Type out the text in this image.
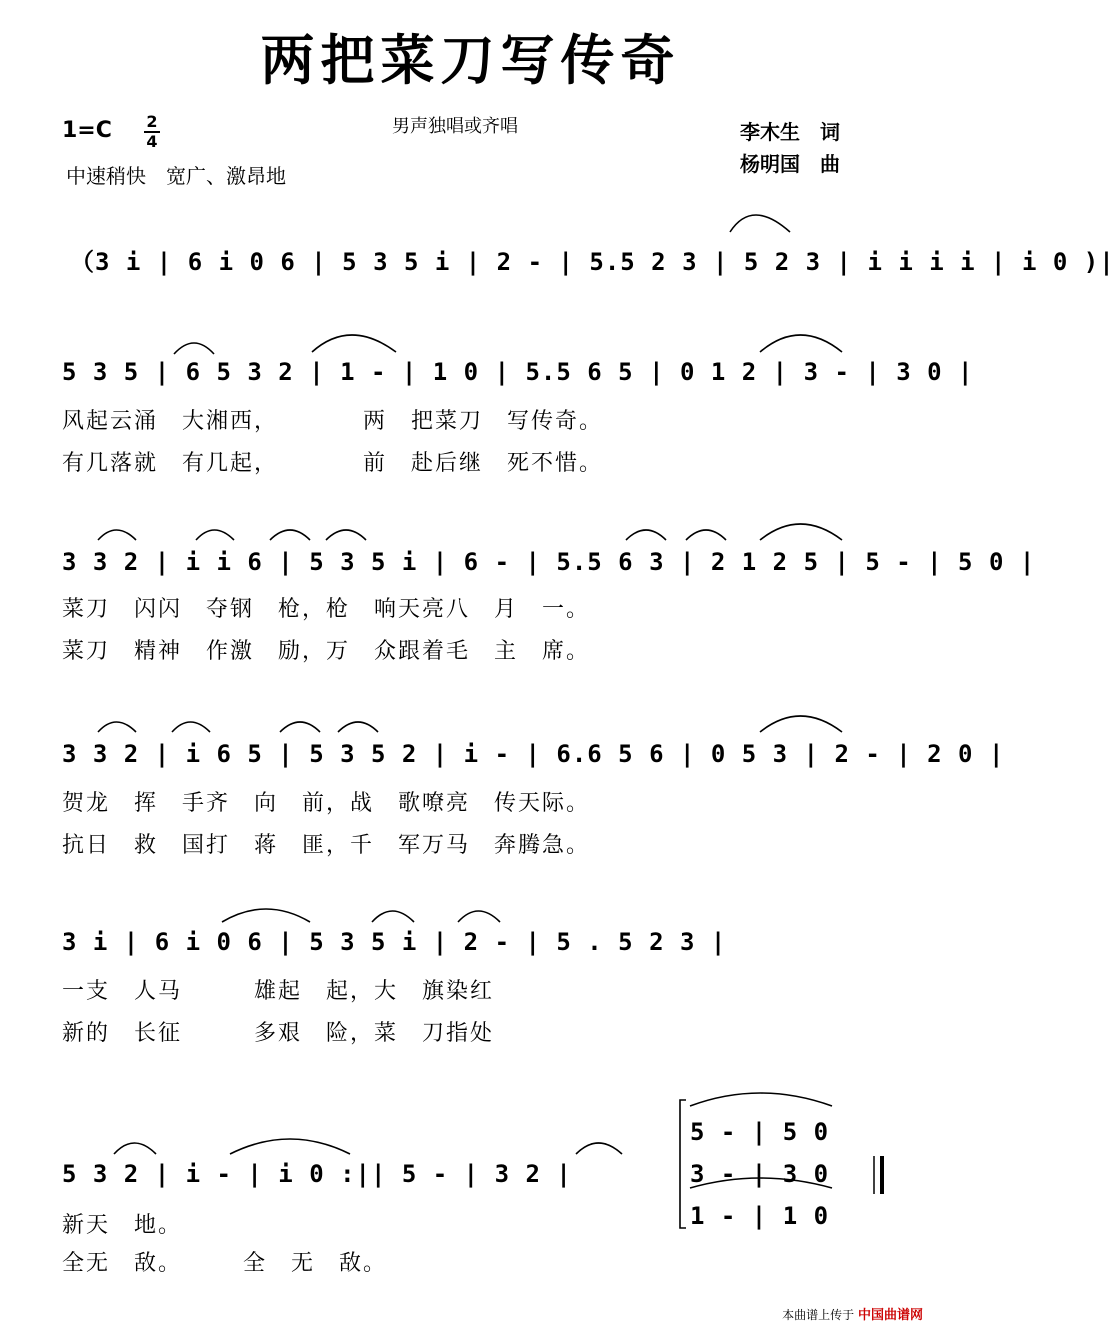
两把菜刀写传奇
男声独唱或齐唱
1=C 2
4
中速稍快　宽广、激昂地
李木生　词
杨明国　曲
（3 i | 6 i 0 6 | 5 3 5 i | 2 - | 5.5 2 3 | 5 2 3 | i i i i | i 0 )|
5 3 5 | 6 5 3 2 | 1 - | 1 0 | 5.5 6 5 | 0 1 2 | 3 - | 3 0 |
风起云涌　大湘西，　　　　两　把菜刀　写传奇。
有几落就　有几起，　　　　前　赴后继　死不惜。
3 3 2 | i i 6 | 5 3 5 i | 6 - | 5.5 6 3 | 2 1 2 5 | 5 - | 5 0 |
菜刀　闪闪　夺钢　枪，枪　响天亮八　月　一。
菜刀　精神　作激　励，万　众跟着毛　主　席。
3 3 2 | i 6 5 | 5 3 5 2 | i - | 6.6 5 6 | 0 5 3 | 2 - | 2 0 |
贺龙　挥　手齐　向　前，战　歌嘹亮　传天际。
抗日　救　国打　蒋　匪，千　军万马　奔腾急。
3 i | 6 i 0 6 | 5 3 5 i | 2 - | 5 . 5 2 3 |
一支　人马　　　雄起　起，大　旗染红
新的　长征　　　多艰　险，菜　刀指处
5 3 2 | i - | i 0 :|| 5 - | 3 2 |
新天　地。
全无　敌。　　　全　无　敌。
5 - | 5 0
3 - | 3 0
1 - | 1 0
本曲谱上传于 中国曲谱网
